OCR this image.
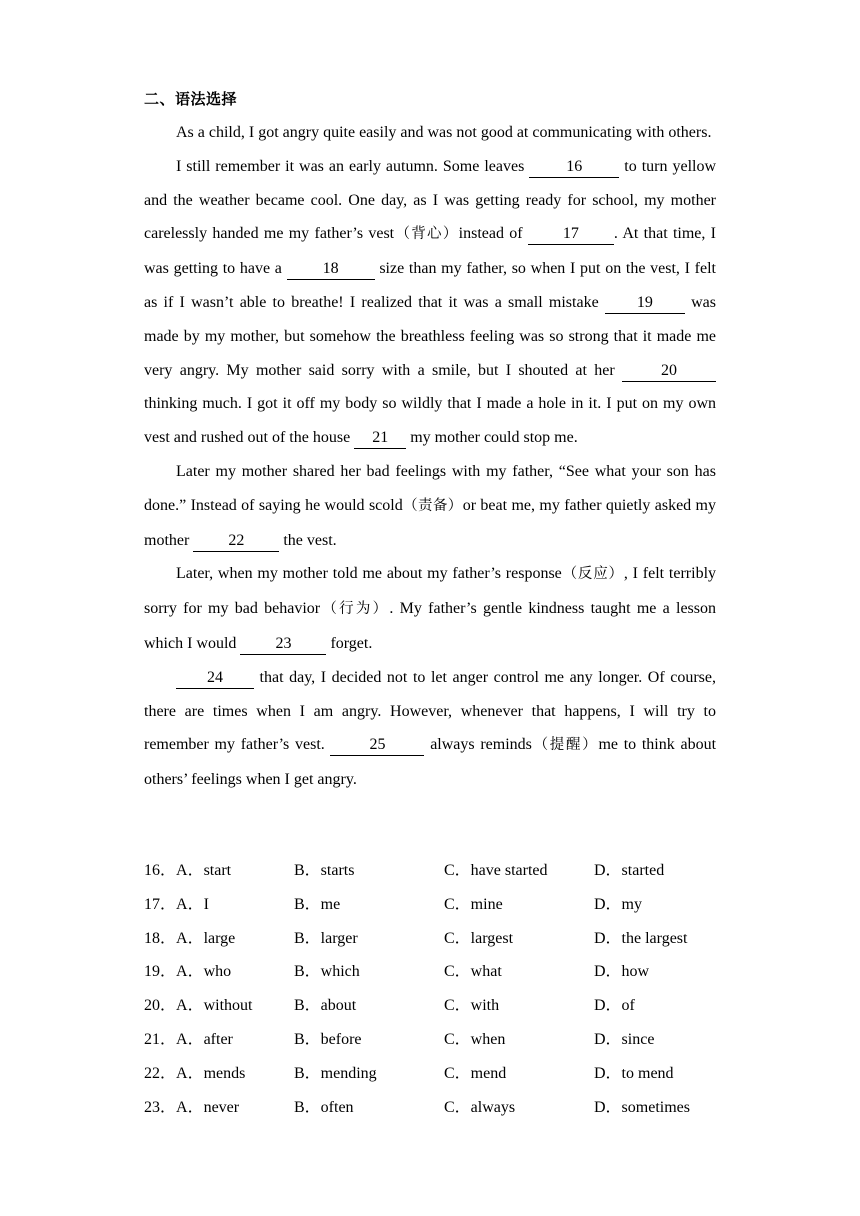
二、语法选择

As a child, I got angry quite easily and was not good at communicating with others.

I still remember it was an early autumn. Some leaves 16 to turn yellow and the weather became cool. One day, as I was getting ready for school, my mother carelessly handed me my father’s vest（背心）instead of 17 . At that time, I was getting to have a 18 size than my father, so when I put on the vest, I felt as if I wasn’t able to breathe! I realized that it was a small mistake 19 was made by my mother, but somehow the breathless feeling was so strong that it made me very angry. My mother said sorry with a smile, but I shouted at her 20 thinking much. I got it off my body so wildly that I made a hole in it. I put on my own vest and rushed out of the house 21 my mother could stop me.

Later my mother shared her bad feelings with my father, “See what your son has done.” Instead of saying he would scold（责备）or beat me, my father quietly asked my mother 22 the vest.

Later, when my mother told me about my father’s response（反应）, I felt terribly sorry for my bad behavior（行为）. My father’s gentle kindness taught me a lesson which I would 23 forget.

24 that day, I decided not to let anger control me any longer. Of course, there are times when I am angry. However, whenever that happens, I will try to remember my father’s vest. 25 always reminds（提醒）me to think about others’ feelings when I get angry.

16．A．start	B．starts	C．have started	D．started
17．A．I	B．me	C．mine	D．my
18．A．large	B．larger	C．largest	D．the largest
19．A．who	B．which	C．what	D．how
20．A．without	B．about	C．with	D．of
21．A．after	B．before	C．when	D．since
22．A．mends	B．mending	C．mend	D．to mend
23．A．never	B．often	C．always	D．sometimes
